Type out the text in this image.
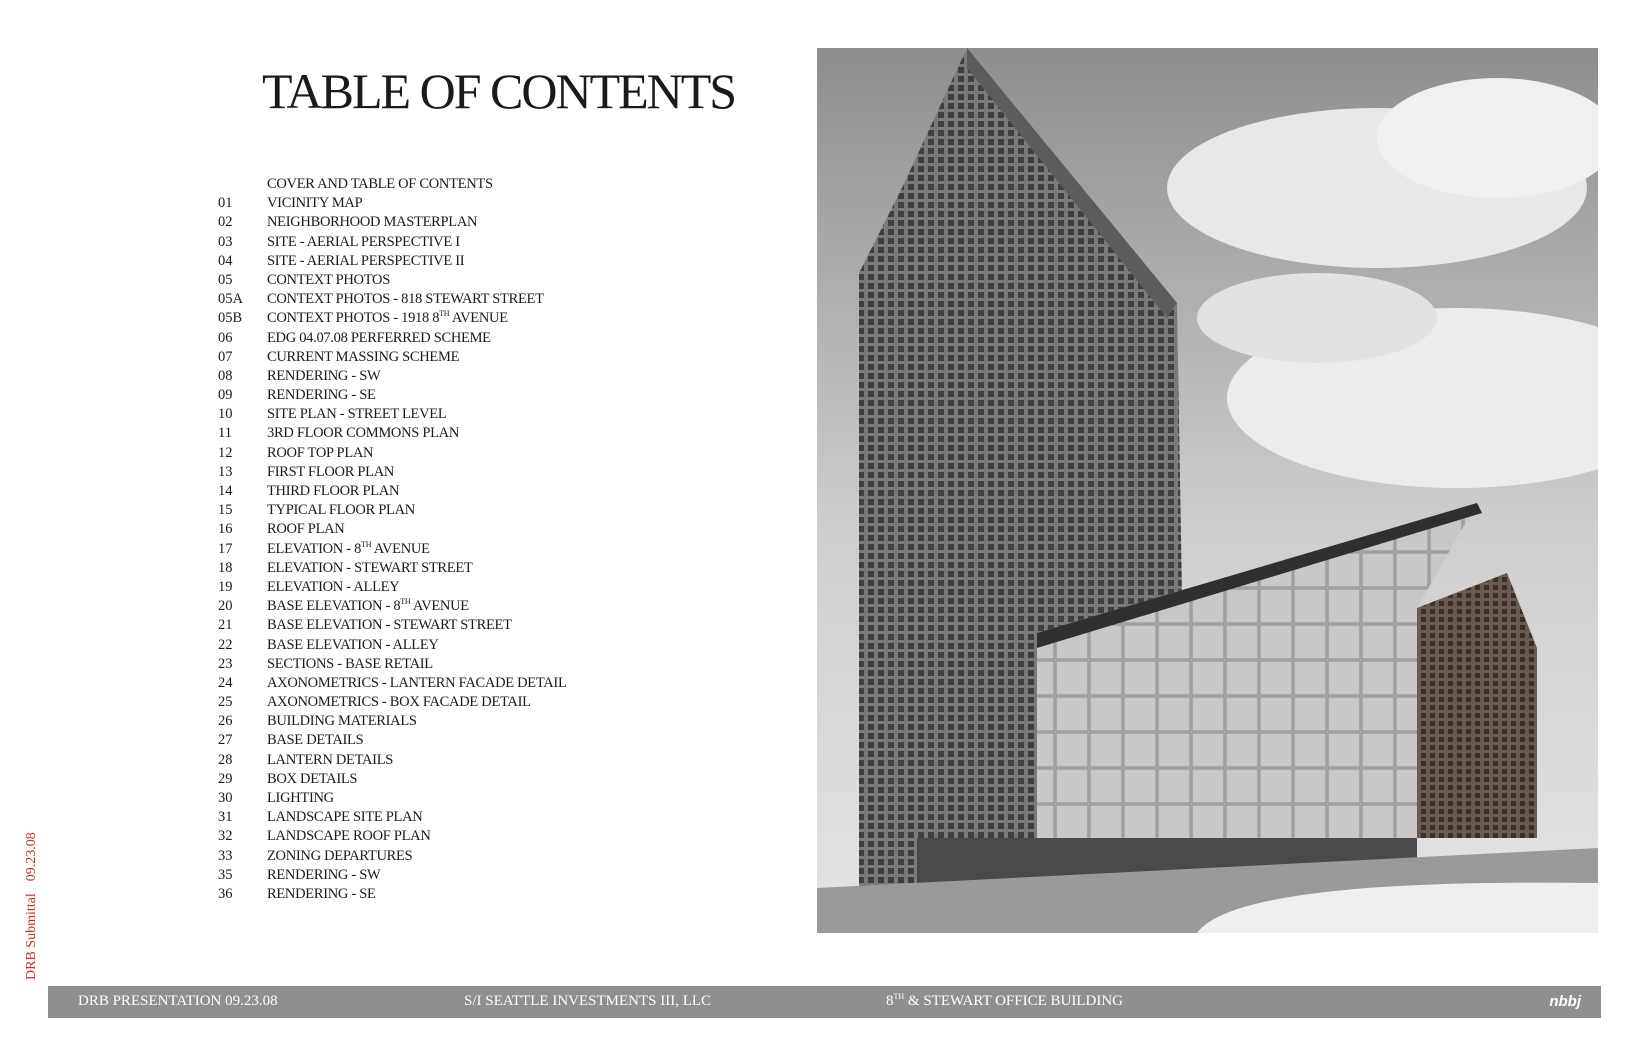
TABLE OF CONTENTS
COVER AND TABLE OF CONTENTS
01 VICINITY MAP
02 NEIGHBORHOOD MASTERPLAN
03 SITE - AERIAL PERSPECTIVE I
04 SITE - AERIAL PERSPECTIVE II
05 CONTEXT PHOTOS
05A CONTEXT PHOTOS - 818 STEWART STREET
05B CONTEXT PHOTOS - 1918 8TH AVENUE
06 EDG 04.07.08 PERFERRED SCHEME
07 CURRENT MASSING SCHEME
08 RENDERING - SW
09 RENDERING - SE
10 SITE PLAN - STREET LEVEL
11 3RD FLOOR COMMONS PLAN
12 ROOF TOP PLAN
13 FIRST FLOOR PLAN
14 THIRD FLOOR PLAN
15 TYPICAL FLOOR PLAN
16 ROOF PLAN
17 ELEVATION - 8TH AVENUE
18 ELEVATION - STEWART STREET
19 ELEVATION - ALLEY
20 BASE ELEVATION - 8TH AVENUE
21 BASE ELEVATION - STEWART STREET
22 BASE ELEVATION - ALLEY
23 SECTIONS - BASE RETAIL
24 AXONOMETRICS - LANTERN FACADE DETAIL
25 AXONOMETRICS - BOX FACADE DETAIL
26 BUILDING MATERIALS
27 BASE DETAILS
28 LANTERN DETAILS
29 BOX DETAILS
30 LIGHTING
31 LANDSCAPE SITE PLAN
32 LANDSCAPE ROOF PLAN
33 ZONING DEPARTURES
35 RENDERING - SW
36 RENDERING - SE
DRB Submittal09.23.08
DRB PRESENTATION 09.23.08	S/I SEATTLE INVESTMENTS III, LLC	8TH & STEWART OFFICE BUILDING	nbbj
